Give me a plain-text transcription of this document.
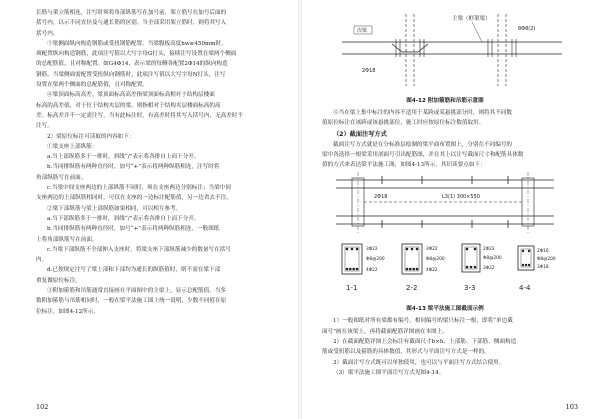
长筋与架立筋相连，注写时须将角部纵筋写在加号前，架立筋写在加号后面的

括号内，以示不同直径及与通长筋的区别。当全部采用架立筋时，则将其写入

括号内。

⑤梁侧面纵向构造钢筋或受扭钢筋配置。当梁腹板高度hw≥450mm时，

须配置纵向构造钢筋，此项注写值以大写字母G打头，接续注写设置在梁两个侧面

的总配筋值，且对称配置。如G4Φ14，表示梁的每侧各配置2Φ14的纵向构造

钢筋。当梁侧面需配置受扭纵向钢筋时，此项注写值以大写字母N打头，注写

设置在梁两个侧面的总配筋值，且对称配置。

⑥梁顶面标高高差。梁顶面标高高差指梁顶面标高相对于结构层楼面

标高的高差值，对于位于结构夹层的梁，则指相对于结构夹层楼面标高的高

差。标高差并不一定需注写，当有此标注时，有高差时将其写入括号内，无高差时不

注写。

2）梁原位标注可读取的内容如下：

①梁支座上部纵筋：

a.当上部纵筋多于一排时，斜线“/”表示将各排自上而下分开。

b.当同排纵筋有两种直径时，加号“+”表示将两种纵筋相连，注写时将

角部纵筋写在前面。

c.当梁中间支座两边的上部纵筋不同时，须在支座两边分别标注；当梁中间

支座两边的上部纵筋相同时，可仅在支座的一边标注配筋值，另一边省去不注。

②梁下部纵筋与梁上部纵筋如果相同，可以相互参考。

a.当下部纵筋多于一排时，斜线“/”表示将各排自上而下分开。

b.当同排纵筋有两种直径时，加号“+”表示将两种纵筋相连，一般图纸

上将角部纵筋写在前面。

c.当梁下部纵筋不全部伸入支座时，将梁支座下部纵筋减少的数量写在括号

内。

d.已按规定注写了梁上部和下部均为通长的纵筋值时，则不需在梁下部

重复做原位标注。

③附加箍筋和吊筋通常直接画在平面图中的主梁上，显示总配筋值。当多

数附加箍筋与吊筋相同时，一般在梁平法施工图上统一说明，少数不同值在原

位标注。如图4-12所示。

102
主梁（框架梁）
次梁
2Φ18
8Φ8(2)
图4-12 附加箍筋和吊筋示意图

④当在梁上集中标注的内容不适用于某跨或某悬挑部分时，则将其不同数

值原位标注在该跨或该悬挑部位，施工时应按原位标注数值取用。

（2）截面注写方式

截面注写方式就是在分标准层绘制的梁平面布置图上，分别在不同编号的

梁中各选择一根梁采用剖面号引出配筋图，并在其上以注写截面尺寸和配筋具体数

值的方式来表达梁平法施工图，如图4-13所示。其识读要点如下：

2Φ18	L3(1) 300×550
3Φ22
Φ8@200
4Φ22
1-1
3Φ22
Φ8@200
4Φ22
2-2
2Φ22
Φ8@200
3Φ22
3-3
2Φ16
Φ8@200
3Φ18
4-4
图4-13 梁平法施工图截面示例

1）一般图纸对所有梁都有编号，相同编号的梁只标注一根，即将“单边截

面号”画在该梁上，再将截面配筋详图画在本图上。

2）在截面配筋详图上会标注有截面尺寸b×h、上部筋、下部筋、侧面构造

筋或受扭筋以及箍筋的具体数值，其形式与平面注写方式是一样的。

3）截面注写方式既可以单独使用，也可以与平面注写方式结合使用。

（3）梁平法施工图平面注写方式见图4-14。

103
